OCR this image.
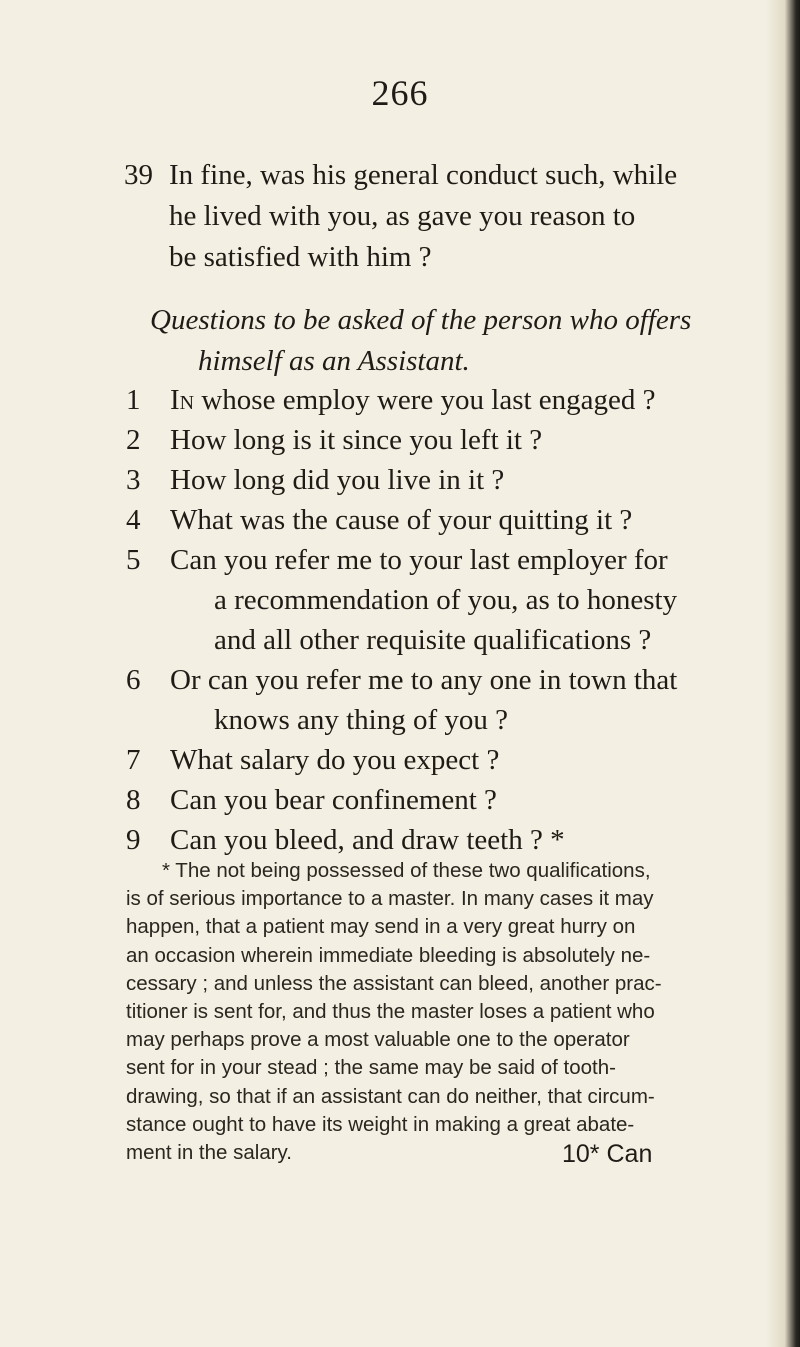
266
39 In fine, was his general conduct such, while
he lived with you, as gave you reason to
be satisfied with him ?
Questions to be asked of the person who offers
himself as an Assistant.
1	In whose employ were you last engaged ?
2	How long is it since you left it ?
3	How long did you live in it ?
4	What was the cause of your quitting it ?
5	Can you refer me to your last employer for
a recommendation of you, as to honesty
and all other requisite qualifications ?
6	Or can you refer me to any one in town that
knows any thing of you ?
7	What salary do you expect ?
8	Can you bear confinement ?
9	Can you bleed, and draw teeth ? *
* The not being possessed of these two qualifications,
is of serious importance to a master. In many cases it may
happen, that a patient may send in a very great hurry on
an occasion wherein immediate bleeding is absolutely ne-
cessary ; and unless the assistant can bleed, another prac-
titioner is sent for, and thus the master loses a patient who
may perhaps prove a most valuable one to the operator
sent for in your stead ; the same may be said of tooth-
drawing, so that if an assistant can do neither, that circum-
stance ought to have its weight in making a great abate-
ment in the salary.	10* Can
